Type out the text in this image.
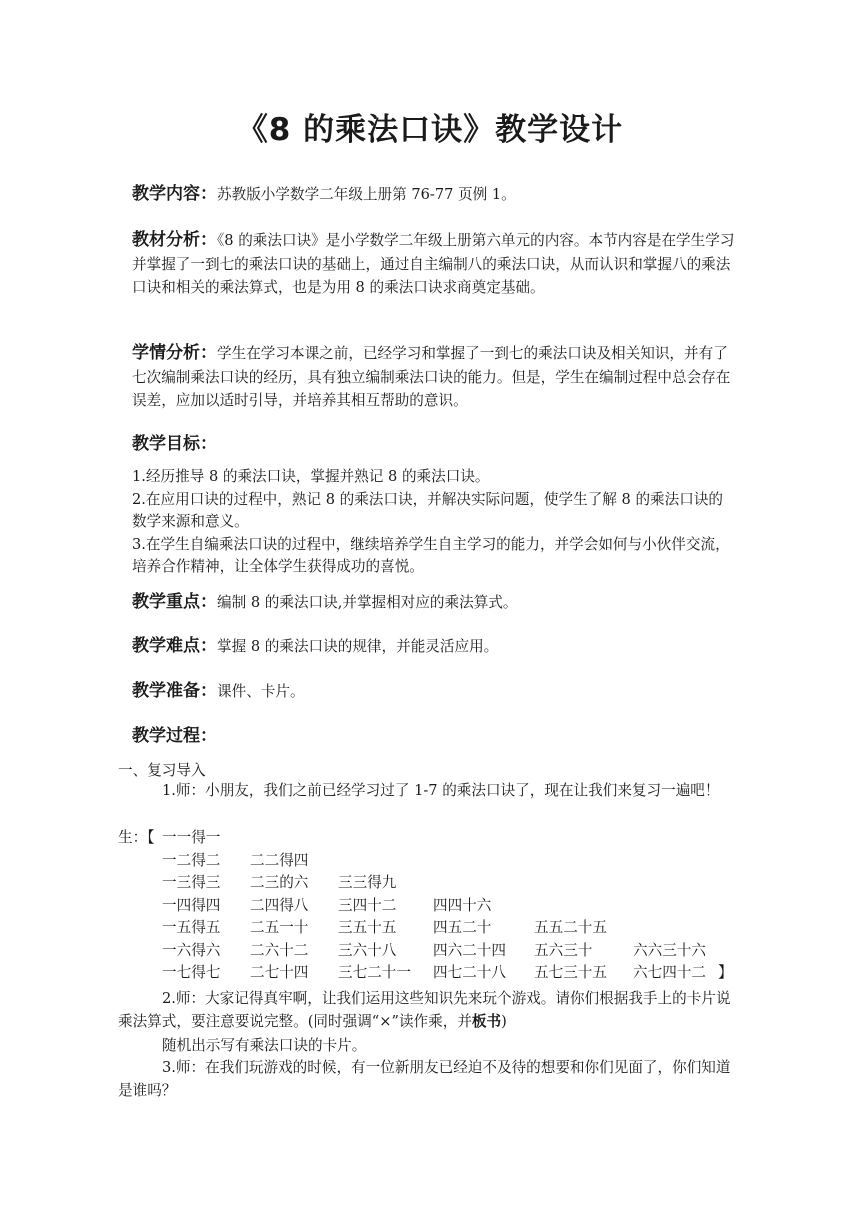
《8 的乘法口诀》教学设计
教学内容：苏教版小学数学二年级上册第 76-77 页例 1。
教材分析：《8 的乘法口诀》是小学数学二年级上册第六单元的内容。本节内容是在学生学习并掌握了一到七的乘法口诀的基础上，通过自主编制八的乘法口诀，从而认识和掌握八的乘法口诀和相关的乘法算式，也是为用 8 的乘法口诀求商奠定基础。
学情分析：学生在学习本课之前，已经学习和掌握了一到七的乘法口诀及相关知识，并有了七次编制乘法口诀的经历，具有独立编制乘法口诀的能力。但是，学生在编制过程中总会存在误差，应加以适时引导，并培养其相互帮助的意识。
教学目标：
1.经历推导 8 的乘法口诀，掌握并熟记 8 的乘法口诀。
2.在应用口诀的过程中，熟记 8 的乘法口诀，并解决实际问题，使学生了解 8 的乘法口诀的数学来源和意义。
3.在学生自编乘法口诀的过程中，继续培养学生自主学习的能力，并学会如何与小伙伴交流，培养合作精神，让全体学生获得成功的喜悦。
教学重点：编制 8 的乘法口诀,并掌握相对应的乘法算式。
教学难点：掌握 8 的乘法口诀的规律，并能灵活应用。
教学准备：课件、卡片。
教学过程：
一、复习导入
1.师：小朋友，我们之前已经学习过了 1-7 的乘法口诀了，现在让我们来复习一遍吧！
生：【 一一得一
一二得二 二二得四
一三得三 二三的六 三三得九
一四得四 二四得八 三四十二	四四十六
一五得五 二五一十 三五十五	四五二十	五五二十五
一六得六 二六十二 三六十八	四六二十四 五六三十	六六三十六
一七得七 二七十四 三七二十一 四七二十八 五七三十五 六七四十二 】
2.师：大家记得真牢啊，让我们运用这些知识先来玩个游戏。请你们根据我手上的卡片说乘法算式，要注意要说完整。(同时强调“×”读作乘，并板书)
随机出示写有乘法口诀的卡片。
3.师：在我们玩游戏的时候，有一位新朋友已经迫不及待的想要和你们见面了，你们知道是谁吗？
